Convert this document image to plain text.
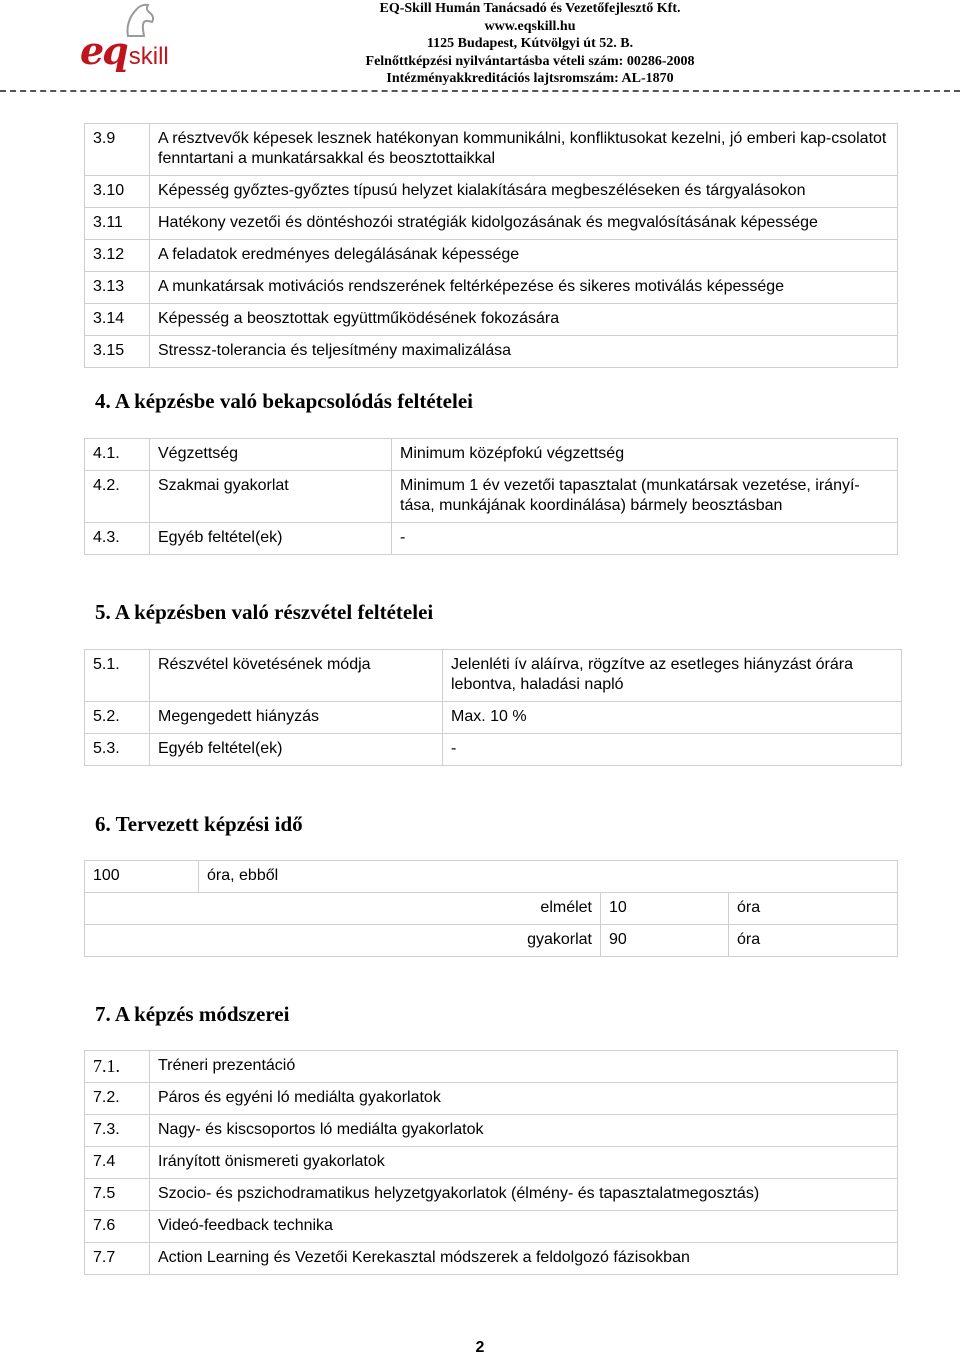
eqskill
EQ-Skill Humán Tanácsadó és Vezetőfejlesztő Kft.
www.eqskill.hu
1125 Budapest, Kútvölgyi út 52. B.
Felnőttképzési nyilvántartásba vételi szám: 00286-2008
Intézményakkreditációs lajtsromszám: AL-1870
3.9	A résztvevők képesek lesznek hatékonyan kommunikálni, konfliktusokat kezelni, jó emberi kap-csolatot fenntartani a munkatársakkal és beosztottaikkal
3.10	Képesség győztes-győztes típusú helyzet kialakítására megbeszéléseken és tárgyalásokon
3.11	Hatékony vezetői és döntéshozói stratégiák kidolgozásának és megvalósításának képessége
3.12	A feladatok eredményes delegálásának képessége
3.13	A munkatársak motivációs rendszerének feltérképezése és sikeres motiválás képessége
3.14	Képesség a beosztottak együttműködésének fokozására
3.15	Stressz-tolerancia és teljesítmény maximalizálása
4. A képzésbe való bekapcsolódás feltételei
4.1.	Végzettség	Minimum középfokú végzettség
4.2.	Szakmai gyakorlat	Minimum 1 év vezetői tapasztalat (munkatársak vezetése, irányí-tása, munkájának koordinálása) bármely beosztásban
4.3.	Egyéb feltétel(ek)	-
5. A képzésben való részvétel feltételei
5.1.	Részvétel követésének módja	Jelenléti ív aláírva, rögzítve az esetleges hiányzást órára lebontva, haladási napló
5.2.	Megengedett hiányzás	Max. 10 %
5.3.	Egyéb feltétel(ek)	-
6. Tervezett képzési idő
100	óra, ebből		
elmélet		10	óra
gyakorlat		90	óra
7. A képzés módszerei
7.1.	Tréneri prezentáció
7.2.	Páros és egyéni ló mediálta gyakorlatok
7.3.	Nagy- és kiscsoportos ló mediálta gyakorlatok
7.4	Irányított önismereti gyakorlatok
7.5	Szocio- és pszichodramatikus helyzetgyakorlatok (élmény- és tapasztalatmegosztás)
7.6	Videó-feedback technika
7.7	Action Learning és Vezetői Kerekasztal módszerek a feldolgozó fázisokban
2
